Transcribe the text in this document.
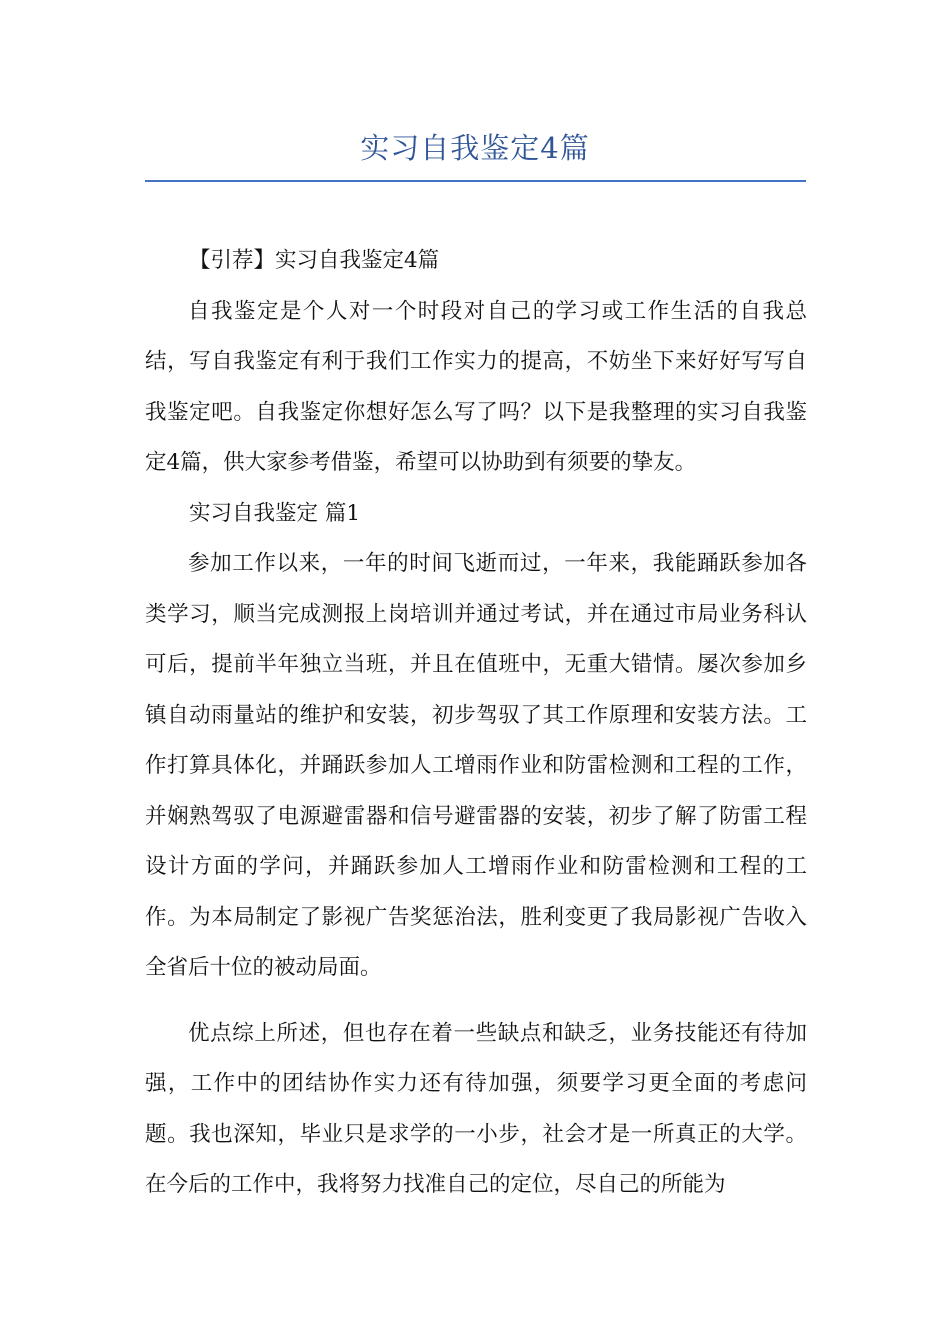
实习自我鉴定4篇

【引荐】实习自我鉴定4篇

自我鉴定是个人对一个时段对自己的学习或工作生活的自我总结，写自我鉴定有利于我们工作实力的提高，不妨坐下来好好写写自我鉴定吧。自我鉴定你想好怎么写了吗？以下是我整理的实习自我鉴定4篇，供大家参考借鉴，希望可以协助到有须要的挚友。

实习自我鉴定 篇1

参加工作以来，一年的时间飞逝而过，一年来，我能踊跃参加各类学习，顺当完成测报上岗培训并通过考试，并在通过市局业务科认可后，提前半年独立当班，并且在值班中，无重大错情。屡次参加乡镇自动雨量站的维护和安装，初步驾驭了其工作原理和安装方法。工作打算具体化，并踊跃参加人工增雨作业和防雷检测和工程的工作，并娴熟驾驭了电源避雷器和信号避雷器的安装，初步了解了防雷工程设计方面的学问，并踊跃参加人工增雨作业和防雷检测和工程的工作。为本局制定了影视广告奖惩治法，胜利变更了我局影视广告收入全省后十位的被动局面。

优点综上所述，但也存在着一些缺点和缺乏，业务技能还有待加强，工作中的团结协作实力还有待加强，须要学习更全面的考虑问题。我也深知，毕业只是求学的一小步，社会才是一所真正的大学。在今后的工作中，我将努力找准自己的定位，尽自己的所能为
